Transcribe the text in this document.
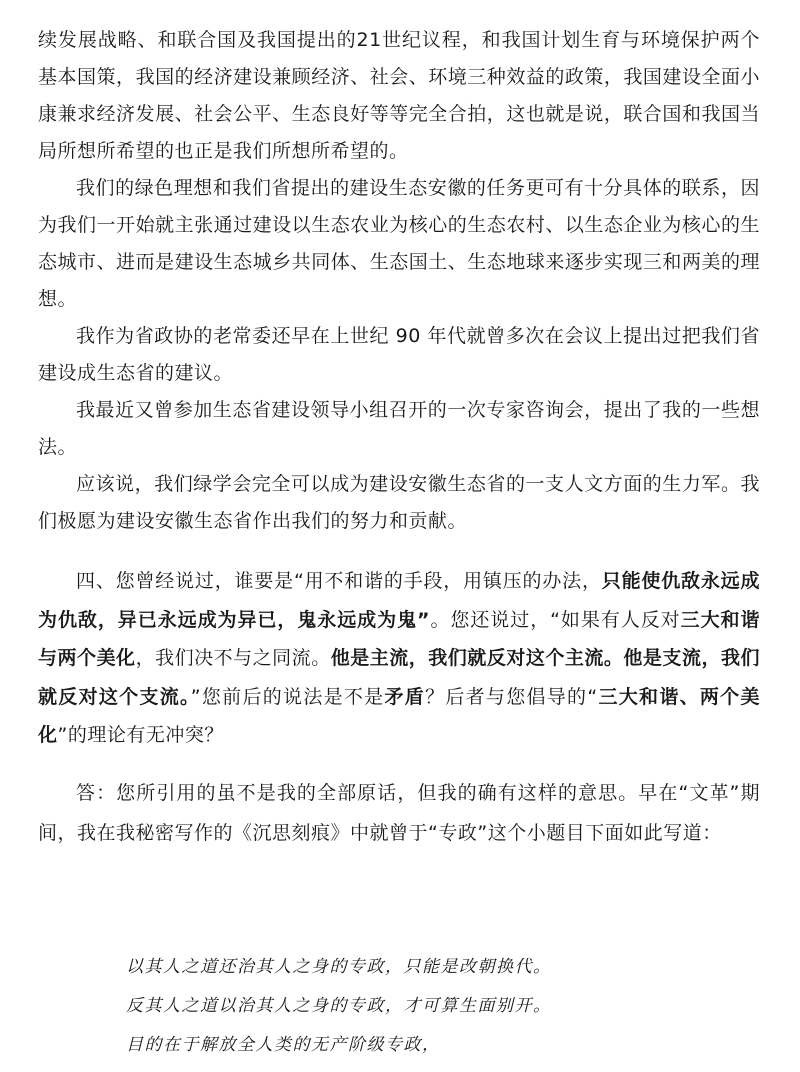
续发展战略、和联合国及我国提出的21世纪议程，和我国计划生育与环境保护两个基本国策，我国的经济建设兼顾经济、社会、环境三种效益的政策，我国建设全面小康兼求经济发展、社会公平、生态良好等等完全合拍，这也就是说，联合国和我国当局所想所希望的也正是我们所想所希望的。

我们的绿色理想和我们省提出的建设生态安徽的任务更可有十分具体的联系，因为我们一开始就主张通过建设以生态农业为核心的生态农村、以生态企业为核心的生态城市、进而是建设生态城乡共同体、生态国土、生态地球来逐步实现三和两美的理想。

我作为省政协的老常委还早在上世纪 90 年代就曾多次在会议上提出过把我们省建设成生态省的建议。

我最近又曾参加生态省建设领导小组召开的一次专家咨询会，提出了我的一些想法。

应该说，我们绿学会完全可以成为建设安徽生态省的一支人文方面的生力军。我们极愿为建设安徽生态省作出我们的努力和贡献。

四、您曾经说过，谁要是“用不和谐的手段，用镇压的办法，只能使仇敌永远成为仇敌，异已永远成为异已，鬼永远成为鬼”。您还说过，“如果有人反对三大和谐与两个美化，我们决不与之同流。他是主流，我们就反对这个主流。他是支流，我们就反对这个支流。”您前后的说法是不是矛盾？后者与您倡导的“三大和谐、两个美化”的理论有无冲突？

答：您所引用的虽不是我的全部原话，但我的确有这样的意思。早在“文革”期间，我在我秘密写作的《沉思刻痕》中就曾于“专政”这个小题目下面如此写道：

以其人之道还治其人之身的专政，只能是改朝换代。

反其人之道以治其人之身的专政，才可算生面别开。

目的在于解放全人类的无产阶级专政，
